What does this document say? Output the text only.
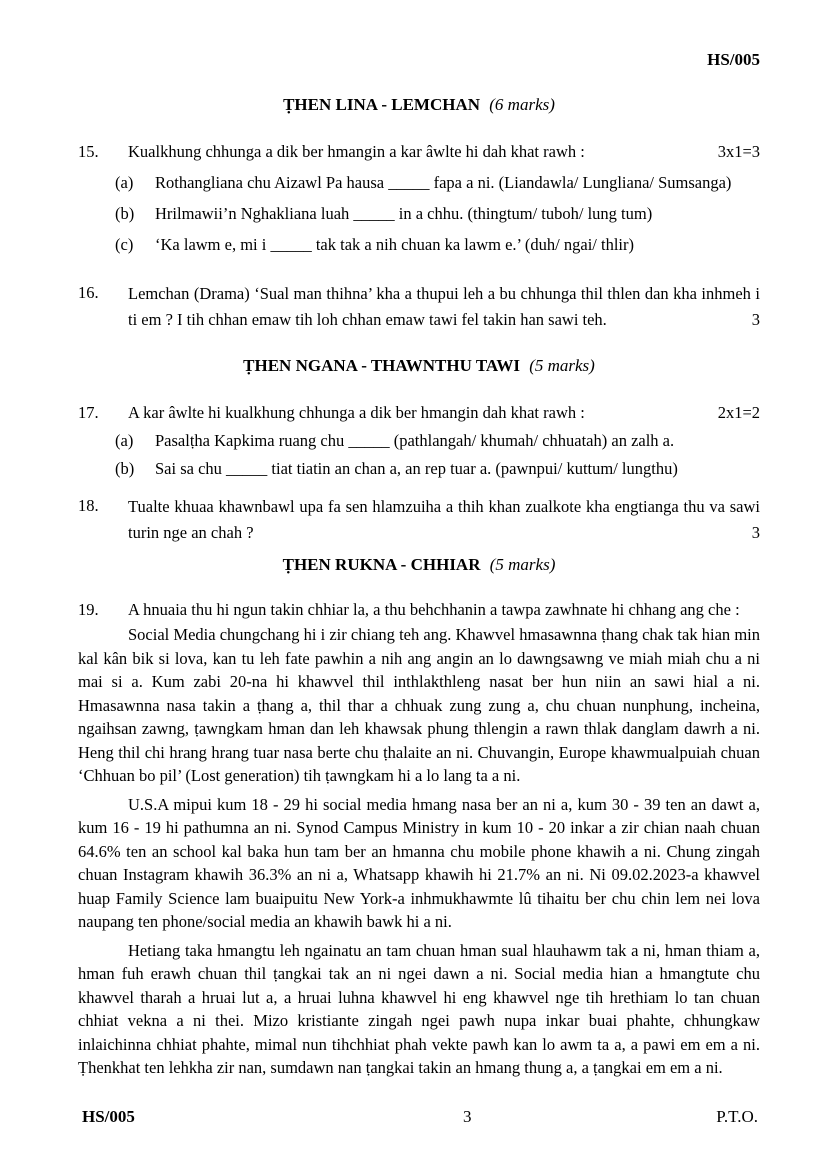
HS/005
ṬHEN LINA - LEMCHAN (6 marks)
15.	Kualkhung chhunga a dik ber hmangin a kar âwlte hi dah khat rawh :	3x1=3
(a)	Rothangliana chu Aizawl Pa hausa _____ fapa a ni. (Liandawla/ Lungliana/ Sumsanga)
(b)	Hrilmawii’n Nghakliana luah _____ in a chhu. (thingtum/ tuboh/ lung tum)
(c)	‘Ka lawm e, mi i _____ tak tak a nih chuan ka lawm e.’ (duh/ ngai/ thlir)
16.	Lemchan (Drama) ‘Sual man thihna’ kha a thupui leh a bu chhunga thil thlen dan kha inhmeh i ti em ? I tih chhan emaw tih loh chhan emaw tawi fel takin han sawi teh.	3
ṬHEN NGANA - THAWNTHU TAWI (5 marks)
17.	A kar âwlte hi kualkhung chhunga a dik ber hmangin dah khat rawh :	2x1=2
(a)	Pasalṭha Kapkima ruang chu _____ (pathlangah/ khumah/ chhuatah) an zalh a.
(b)	Sai sa chu _____ tiat tiatin an chan a, an rep tuar a. (pawnpui/ kuttum/ lungthu)
18.	Tualte khuaa khawnbawl upa fa sen hlamzuiha a thih khan zualkote kha engtianga thu va sawi turin nge an chah ?	3
ṬHEN RUKNA - CHHIAR (5 marks)
19.	A hnuaia thu hi ngun takin chhiar la, a thu behchhanin a tawpa zawhnate hi chhang ang che :

Social Media chungchang hi i zir chiang teh ang. Khawvel hmasawnna ṭhang chak tak hian min kal kân bik si lova, kan tu leh fate pawhin a nih ang angin an lo dawngsawng ve miah miah chu a ni mai si a. Kum zabi 20-na hi khawvel thil inthlakthleng nasat ber hun niin an sawi hial a ni. Hmasawnna nasa takin a ṭhang a, thil thar a chhuak zung zung a, chu chuan nunphung, incheina, ngaihsan zawng, ṭawngkam hman dan leh khawsak phung thlengin a rawn thlak danglam dawrh a ni. Heng thil chi hrang hrang tuar nasa berte chu ṭhalaite an ni. Chuvangin, Europe khawmualpuiah chuan ‘Chhuan bo pil’ (Lost generation) tih ṭawngkam hi a lo lang ta a ni.

U.S.A mipui kum 18 - 29 hi social media hmang nasa ber an ni a, kum 30 - 39 ten an dawt a, kum 16 - 19 hi pathumna an ni. Synod Campus Ministry in kum 10 - 20 inkar a zir chian naah chuan 64.6% ten an school kal baka hun tam ber an hmanna chu mobile phone khawih a ni. Chung zingah chuan Instagram khawih 36.3% an ni a, Whatsapp khawih hi 21.7% an ni. Ni 09.02.2023-a khawvel huap Family Science lam buaipuitu New York-a inhmukhawmte lû tihaitu ber chu chin lem nei lova naupang ten phone/social media an khawih bawk hi a ni.

Hetiang taka hmangtu leh ngainatu an tam chuan hman sual hlauhawm tak a ni, hman thiam a, hman fuh erawh chuan thil ṭangkai tak an ni ngei dawn a ni. Social media hian a hmangtute chu khawvel tharah a hruai lut a, a hruai luhna khawvel hi eng khawvel nge tih hrethiam lo tan chuan chhiat vekna a ni thei. Mizo kristiante zingah ngei pawh nupa inkar buai phahte, chhungkaw inlaichinna chhiat phahte, mimal nun tihchhiat phah vekte pawh kan lo awm ta a, a pawi em em a ni. Ṭhenkhat ten lehkha zir nan, sumdawn nan ṭangkai takin an hmang thung a, a ṭangkai em em a ni.

HS/005	3	P.T.O.
